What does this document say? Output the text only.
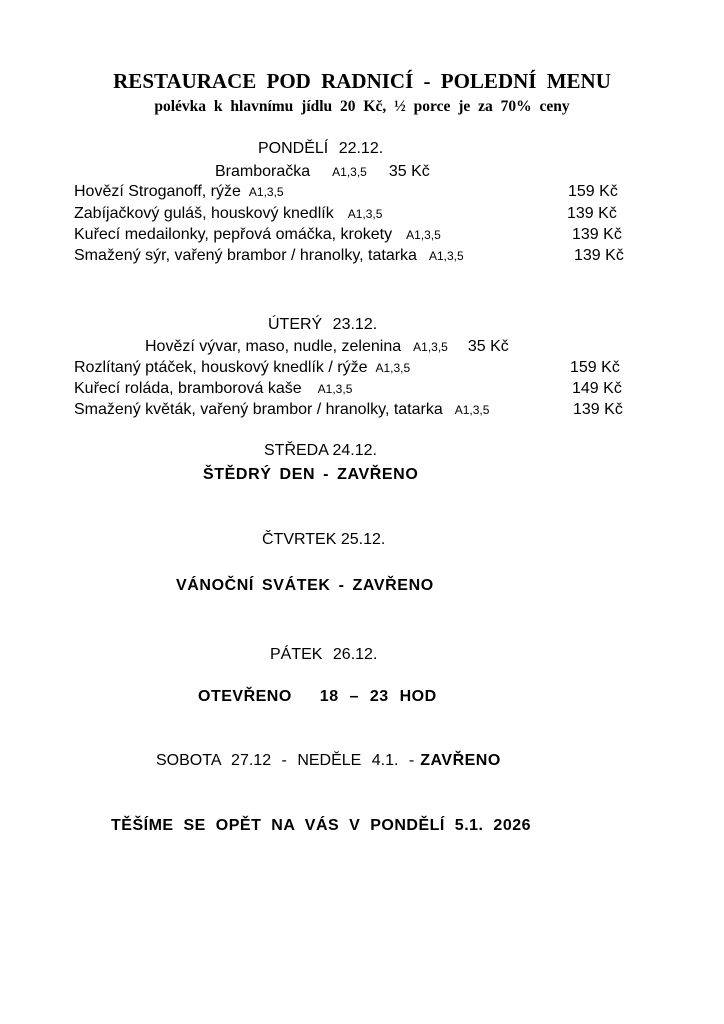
RESTAURACE POD RADNICÍ - POLEDNÍ MENU
polévka k hlavnímu jídlu 20 Kč, ½ porce je za 70% ceny
PONDĚLÍ 22.12.
Bramboračka A1,3,5 35 Kč
Hovězí Stroganoff, rýže A1,3,5	159 Kč
Zabíjačkový guláš, houskový knedlík A1,3,5	139 Kč
Kuřecí medailonky, pepřová omáčka, krokety A1,3,5	139 Kč
Smažený sýr, vařený brambor / hranolky, tatarka A1,3,5	139 Kč
ÚTERÝ 23.12.
Hovězí vývar, maso, nudle, zelenina A1,3,5 35 Kč
Rozlítaný ptáček, houskový knedlík / rýže A1,3,5	159 Kč
Kuřecí roláda, bramborová kaše A1,3,5	149 Kč
Smažený květák, vařený brambor / hranolky, tatarka A1,3,5	139 Kč
STŘEDA 24.12.
ŠTĚDRÝ DEN - ZAVŘENO
ČTVRTEK 25.12.
VÁNOČNÍ SVÁTEK - ZAVŘENO
PÁTEK 26.12.
OTEVŘENO 18 – 23 HOD
SOBOTA 27.12 - NEDĚLE 4.1. - ZAVŘENO
TĚŠÍME SE OPĚT NA VÁS V PONDĚLÍ 5.1. 2026
